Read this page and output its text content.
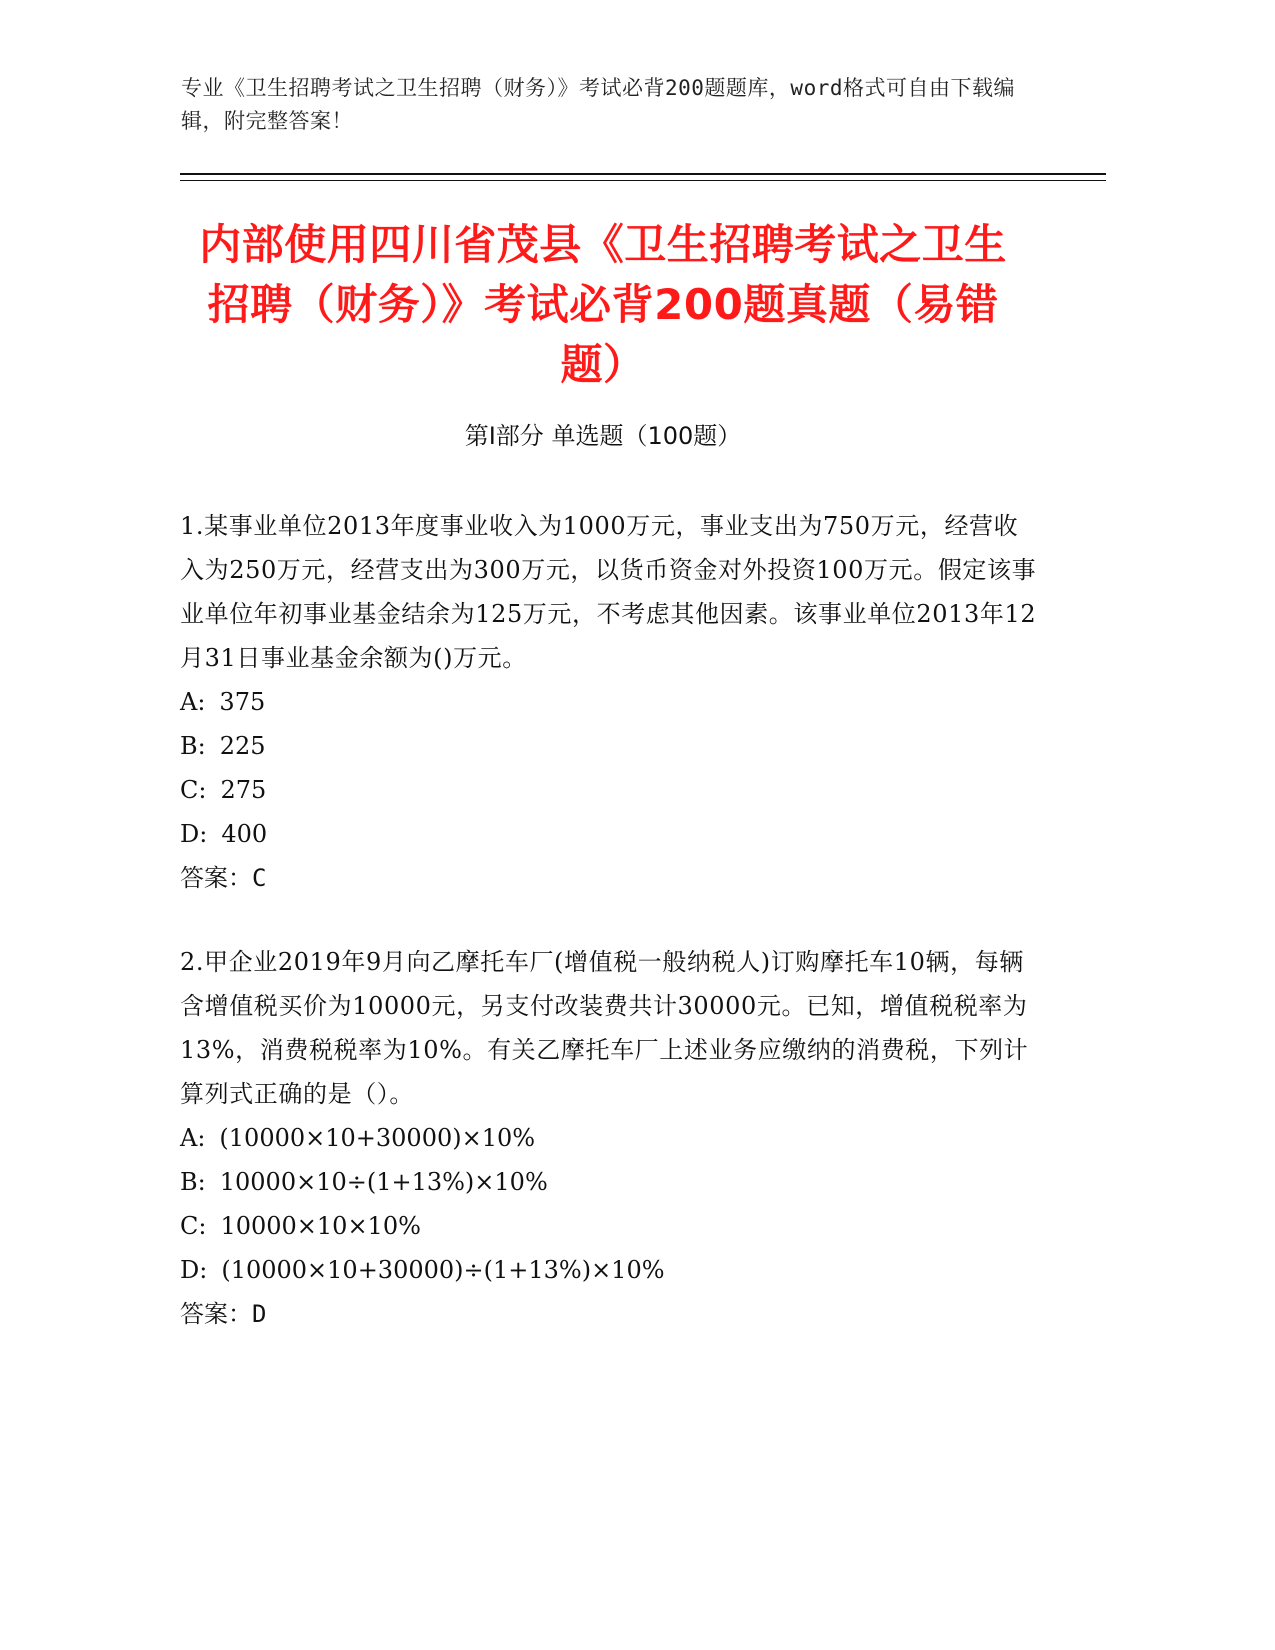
专业《卫生招聘考试之卫生招聘（财务）》考试必背200题题库，word格式可自由下载编辑，附完整答案！
内部使用四川省茂县《卫生招聘考试之卫生招聘（财务）》考试必背200题真题（易错题）
第I部分 单选题（100题）

1.某事业单位2013年度事业收入为1000万元，事业支出为750万元，经营收入为250万元，经营支出为300万元，以货币资金对外投资100万元。假定该事业单位年初事业基金结余为125万元，不考虑其他因素。该事业单位2013年12月31日事业基金余额为()万元。

A: 375

B: 225

C: 275

D: 400

答案：C

2.甲企业2019年9月向乙摩托车厂(增值税一般纳税人)订购摩托车10辆，每辆含增值税买价为10000元，另支付改装费共计30000元。已知，增值税税率为13%，消费税税率为10%。有关乙摩托车厂上述业务应缴纳的消费税，下列计算列式正确的是（）。

A: (10000×10+30000)×10%

B: 10000×10÷(1+13%)×10%

C: 10000×10×10%

D: (10000×10+30000)÷(1+13%)×10%

答案：D
